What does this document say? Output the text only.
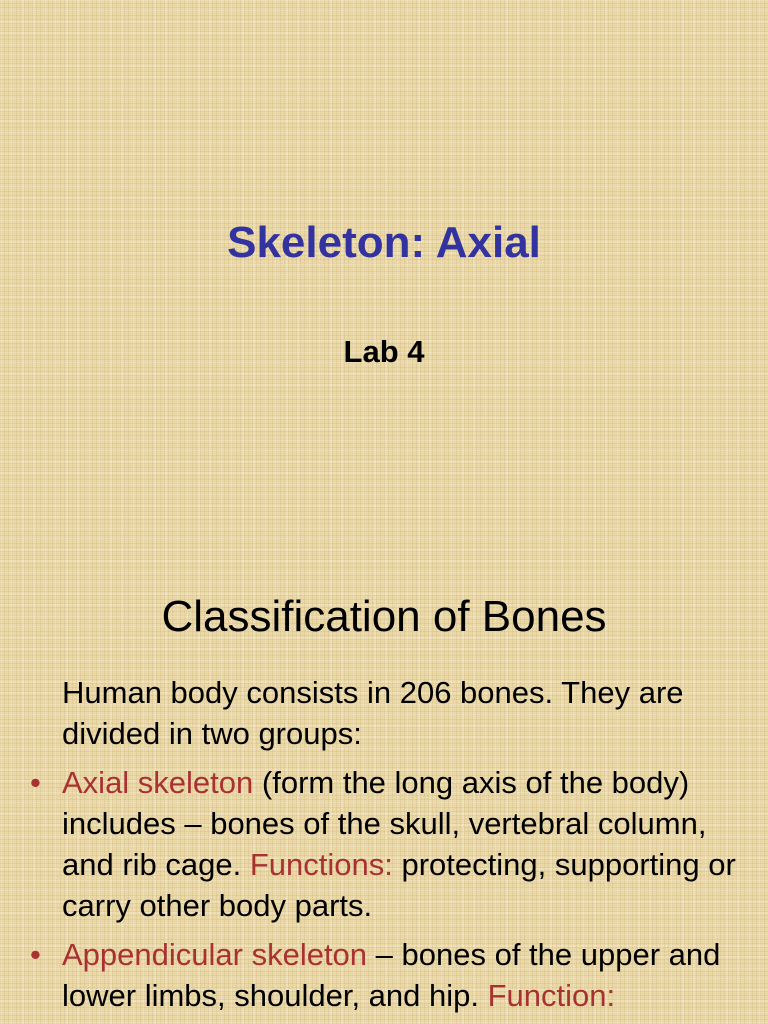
Skeleton: Axial
Lab 4
Classification of Bones
Human body consists in 206 bones. They are divided in two groups:
• Axial skeleton (form the long axis of the body) includes – bones of the skull, vertebral column, and rib cage. Functions: protecting, supporting or carry other body parts.
• Appendicular skeleton – bones of the upper and lower limbs, shoulder, and hip. Function:
